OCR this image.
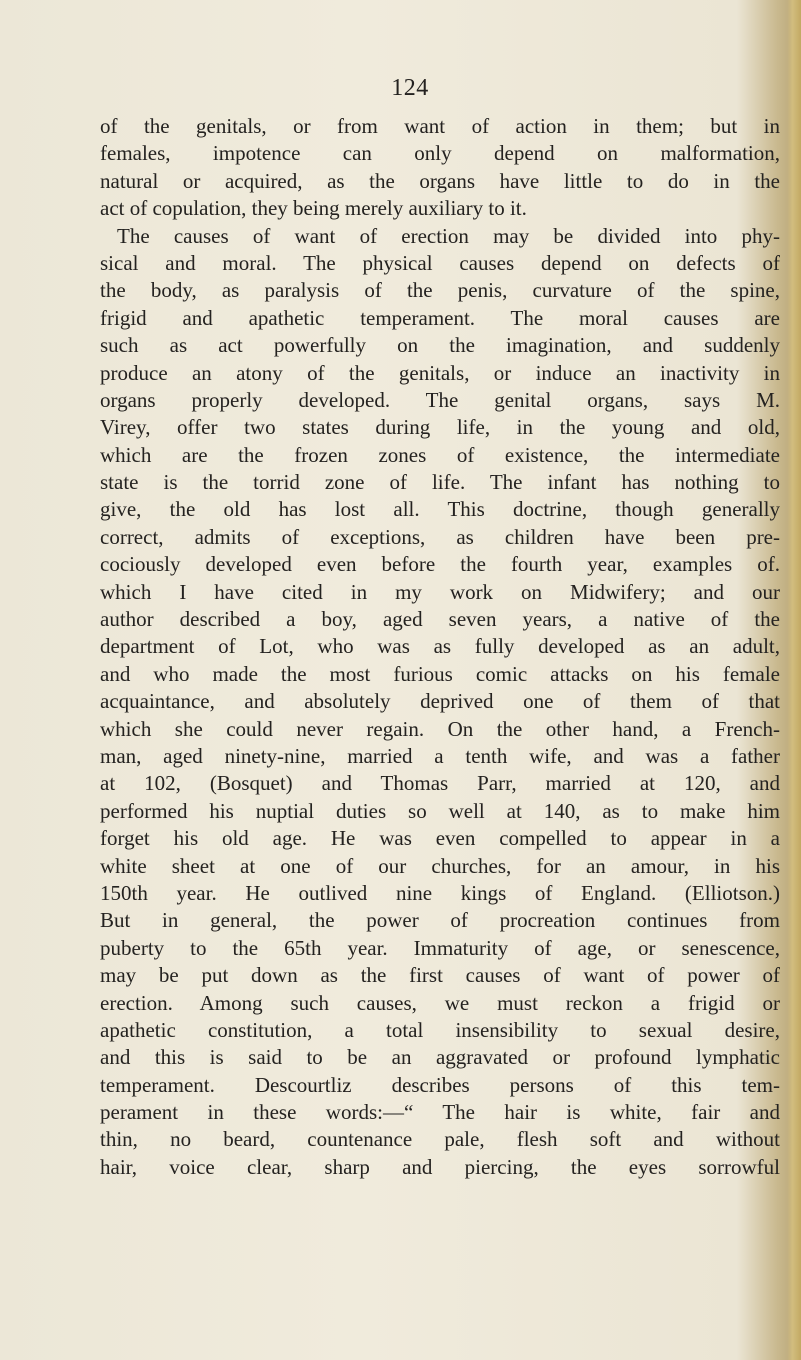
124
of the genitals, or from want of action in them; but in
females, impotence can only depend on malformation,
natural or acquired, as the organs have little to do in the
act of copulation, they being merely auxiliary to it.
The causes of want of erection may be divided into phy-
sical and moral. The physical causes depend on defects of
the body, as paralysis of the penis, curvature of the spine,
frigid and apathetic temperament. The moral causes are
such as act powerfully on the imagination, and suddenly
produce an atony of the genitals, or induce an inactivity in
organs properly developed. The genital organs, says M.
Virey, offer two states during life, in the young and old,
which are the frozen zones of existence, the intermediate
state is the torrid zone of life. The infant has nothing to
give, the old has lost all. This doctrine, though generally
correct, admits of exceptions, as children have been pre-
cociously developed even before the fourth year, examples of.
which I have cited in my work on Midwifery; and our
author described a boy, aged seven years, a native of the
department of Lot, who was as fully developed as an adult,
and who made the most furious comic attacks on his female
acquaintance, and absolutely deprived one of them of that
which she could never regain. On the other hand, a French-
man, aged ninety-nine, married a tenth wife, and was a father
at 102, (Bosquet) and Thomas Parr, married at 120, and
performed his nuptial duties so well at 140, as to make him
forget his old age. He was even compelled to appear in a
white sheet at one of our churches, for an amour, in his
150th year. He outlived nine kings of England. (Elliotson.)
But in general, the power of procreation continues from
puberty to the 65th year. Immaturity of age, or senescence,
may be put down as the first causes of want of power of
erection. Among such causes, we must reckon a frigid or
apathetic constitution, a total insensibility to sexual desire,
and this is said to be an aggravated or profound lymphatic
temperament. Descourtliz describes persons of this tem-
perament in these words:—“ The hair is white, fair and
thin, no beard, countenance pale, flesh soft and without
hair, voice clear, sharp and piercing, the eyes sorrowful
